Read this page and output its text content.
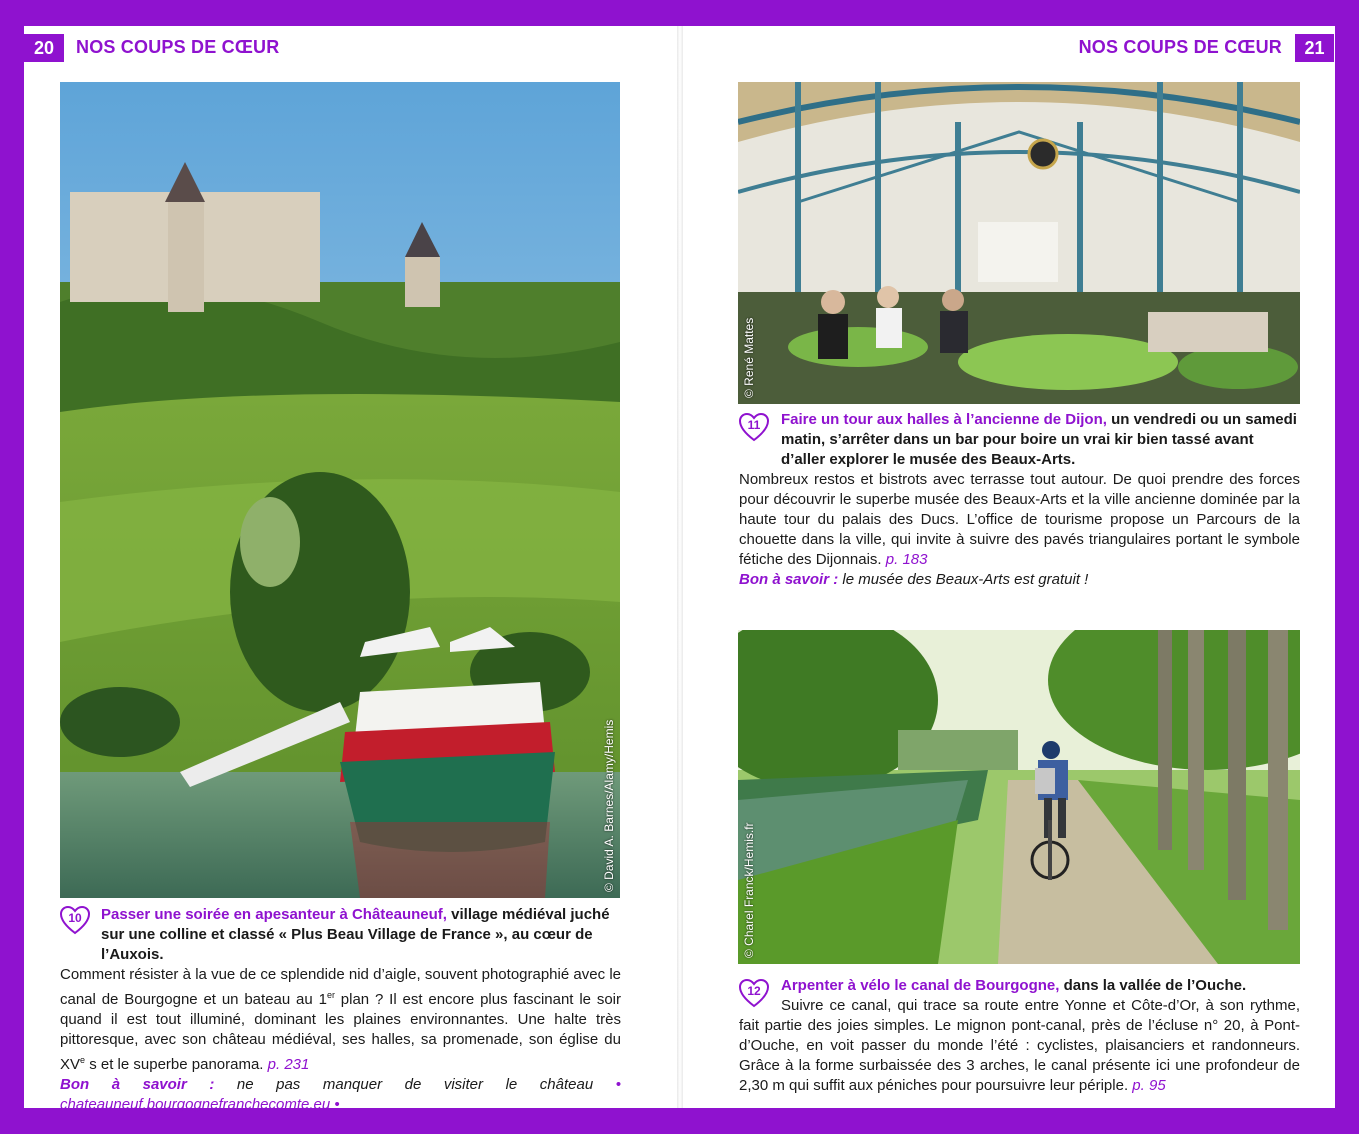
20	NOS COUPS DE CŒUR	NOS COUPS DE CŒUR	21
© David A. Barnes/Alamy/Hemis
10 Passer une soirée en apesanteur à Châteauneuf, village médiéval juché sur une colline et classé « Plus Beau Village de France », au cœur de l’Auxois.

Comment résister à la vue de ce splendide nid d’aigle, souvent photographié avec le canal de Bourgogne et un bateau au 1er plan ? Il est encore plus fascinant le soir quand il est tout illuminé, dominant les plaines environnantes. Une halte très pittoresque, avec son château médiéval, ses halles, sa promenade, son église du XVe s et le superbe panorama. p. 231

Bon à savoir : ne pas manquer de visiter le château • chateauneuf.bourgognefranchecomte.eu •

© René Mattes
11 Faire un tour aux halles à l’ancienne de Dijon, un vendredi ou un samedi matin, s’arrêter dans un bar pour boire un vrai kir bien tassé avant d’aller explorer le musée des Beaux-Arts.

Nombreux restos et bistrots avec terrasse tout autour. De quoi prendre des forces pour découvrir le superbe musée des Beaux-Arts et la ville ancienne dominée par la haute tour du palais des Ducs. L’office de tourisme propose un Parcours de la chouette dans la ville, qui invite à suivre des pavés triangulaires portant le symbole fétiche des Dijonnais. p. 183

Bon à savoir : le musée des Beaux-Arts est gratuit !

© Charel Franck/Hemis.fr
12 Arpenter à vélo le canal de Bourgogne, dans la vallée de l’Ouche.

Suivre ce canal, qui trace sa route entre Yonne et Côte-d’Or, à son rythme, fait partie des joies simples. Le mignon pont-canal, près de l’écluse n° 20, à Pont-d’Ouche, en voit passer du monde l’été : cyclistes, plaisanciers et randonneurs. Grâce à la forme surbaissée des 3 arches, le canal présente ici une profondeur de 2,30 m qui suffit aux péniches pour poursuivre leur périple. p. 95
